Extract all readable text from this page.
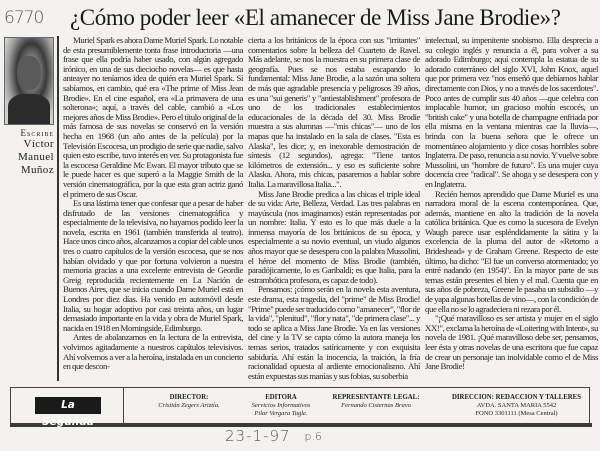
6770 ¿Cómo poder leer «El amanecer de Miss Jane Brodie»?
Escribe
Víctor
Manuel
Muñoz

Muriel Spark es ahora Dame Muriel Spark. Lo notable de esta presumiblemente tonta frase introductoria —una frase que ella podría haber usado, con algún agregado irónico, en una de sus dieciocho novelas— es que hasta anteayer no teníamos idea de quién era Muriel Spark. Sí sabíamos, en cambio, qué era «The prime of Miss Jean Brodie». En el cine español, era «La primavera de una solterona»; aquí, a través del cable, cambió a «Los mejores años de Miss Brodie». Pero el título original de la más famosa de sus novelas se conservó en la versión hecha en 1968 (un año antes de la película) por la Televisión Escocesa, un prodigio de serie que nadie, salvo quien esto escribe, tuvo interés en ver. Su protagonista fue la escocesa Geraldine Mc Ewan. El mayor tributo que se le puede hacer es que superó a la Maggie Smith de la versión cinematográfica, por la que esta gran actriz ganó el primero de sus Oscar.

Es una lástima tener que confesar que a pesar de haber disfrutado de las versiones cinematográfica y especialmente de la televisiva, no hayamos podido leer la novela, escrita en 1961 (también transferida al teatro). Hace unos cinco años, alcanzamos a copiar del cable unos tres o cuatro capítulos de la versión escocesa, que se nos habían olvidado y que por fortuna volvieron a nuestra memoria gracias a una excelente entrevista de Geordie Greig reproducida recientemente en La Nación de Buenos Aires, que se inicia cuando Dame Muriel está en Londres por diez días. Ha venido en automóvil desde Italia, su hogar adoptivo por casi treinta años, un lugar demasiado importante en la vida y obra de Muriel Spark, nacida en 1918 en Morningside, Edimburgo.

Antes de abalanzarnos en la lectura de la entrevista, volvimos agitadamente a nuestros capítulos televisivos. Ahí volvemos a ver a la heroína, instalada en un concierto en que descon-

cierta a los británicos de la época con sus "irritantes" comentarios sobre la belleza del Cuarteto de Ravel. Más adelante, se nos la muestra en su primera clase de geografía. Pues se nos estaba escapando lo fundamental: Miss Jane Brodie, a la sazón una soltera de más que agradable presencia y peligrosos 39 años, es una "sui generis" y "antiestablishment" profesora de uno de los tradicionales establecimientos educacionales de la década del 30. Miss Brodie muestra a sus alumnas —"mis chicas"— uno de los mapas que ha instalado en la sala de clases. "Esta es Alaska", les dice; y, en inexorable demostración de síntesis (12 segundos), agrega: "Tiene tantos kilómetros de extensión... y eso es suficiente sobre Alaska. Ahora, mis chicas, pasaremos a hablar sobre Italia. La maravillosa Italia...".

Miss Jane Brodie predica a las chicas el triple ideal de su vida: Arte, Belleza, Verdad. Las tres palabras en mayúscula (nos imaginamos) están representadas por un nombre: Italia. Y esto es lo que más duele a la inmensa mayoría de los británicos de su época, y especialmente a su novio eventual, un viudo algunos años mayor que se desespera con la palabra Mussolini, el héroe del momento de Miss Brodie (también, paradójicamente, lo es Garibaldi; es que Italia, para la estrambótica profesora, es capaz de todo).

Pensamos: ¡cómo serán en la novela esta aventura, este drama, esta tragedia, del "prime" de Miss Brodie! "Prime" puede ser traducido como "amanecer", "flor de la vida", "plenitud", "flor y nata", "de primera clase"... y todo se aplica a Miss Jane Brodie. Ya en las versiones del cine y la TV se capta cómo la autora maneja los temas serios, tratados satíricamente y con exquisita sabiduría. Ahí están la inocencia, la traición, la fría racionalidad opuesta al ardiente emocionalismo. Ahí están expuestas sus manías y sus fobias, su soberbia

intelectual, su impenitente snobismo. Ella desprecia a su colegio inglés y renuncia a él, para volver a su adorado Edimburgo; aquí contempla la estatua de su adorado coterráneo del siglo XVI, John Knox, aquel que por primera vez "nos enseñó que debíamos hablar directamente con Dios, y no a través de los sacerdotes". Poco antes de cumplir sus 40 años —que celebra con implacable humor, un gracioso mohín escocés, un "british cake" y una botella de champagne enfriada por ella misma en la ventana mientras cae la lluvia—, brinda con la buena señora que le ofrece un momentáneo alojamiento y dice cosas horribles sobre Inglaterra. De paso, renuncia a su novio. Y vuelve sobre Mussolini, un "hombre de futuro". Es una mujer cuya docencia cree "radical". Se ahoga y se desespera con y en Inglaterra.

Recién hemos aprendido que Dame Muriel es una narradora moral de la escena contemporánea. Que, además, mantiene en alto la tradición de la novela católica británica. Que es como la sucesora de Evelyn Waugh parece usar espléndidamente la sátira y la excelencia de la pluma del autor de «Retorno a Brideshead» y de Graham Greene. Respecto de este último, ha dicho: "El fue un converso atormentado; yo entré nadando (en 1954)". En la mayor parte de sus temas están presentes el bien y el mal. Cuenta que en sus años de pobreza, Greene le pasaba un subsidio —y de yapa algunas botellas de vino—, con la condición de que ella no se lo agradeciera ni rezara por él.

"¡Qué maravilloso es ser artista y mujer en el siglo XX!", exclama la heroína de «Loitering with Intent», su novela de 1981. ¡Qué maravilloso debe ser, pensamos, leer ésta y otras novelas de una escritora que fue capaz de crear un personaje tan inolvidable como el de Miss Jane Brodie!

La Segunda
DIRECTOR:
Cristián Zegers Ariztía.
EDITORA
Servicios Informativos
Pilar Vergara Tagle.
REPRESENTANTE LEGAL:
Fernando Cisternas Bravo
DIRECCION: REDACCION Y TALLERES
AVDA. SANTA MARIA 5542
FONO 3301111 (Mesa Central)
23-1-97 p.6
